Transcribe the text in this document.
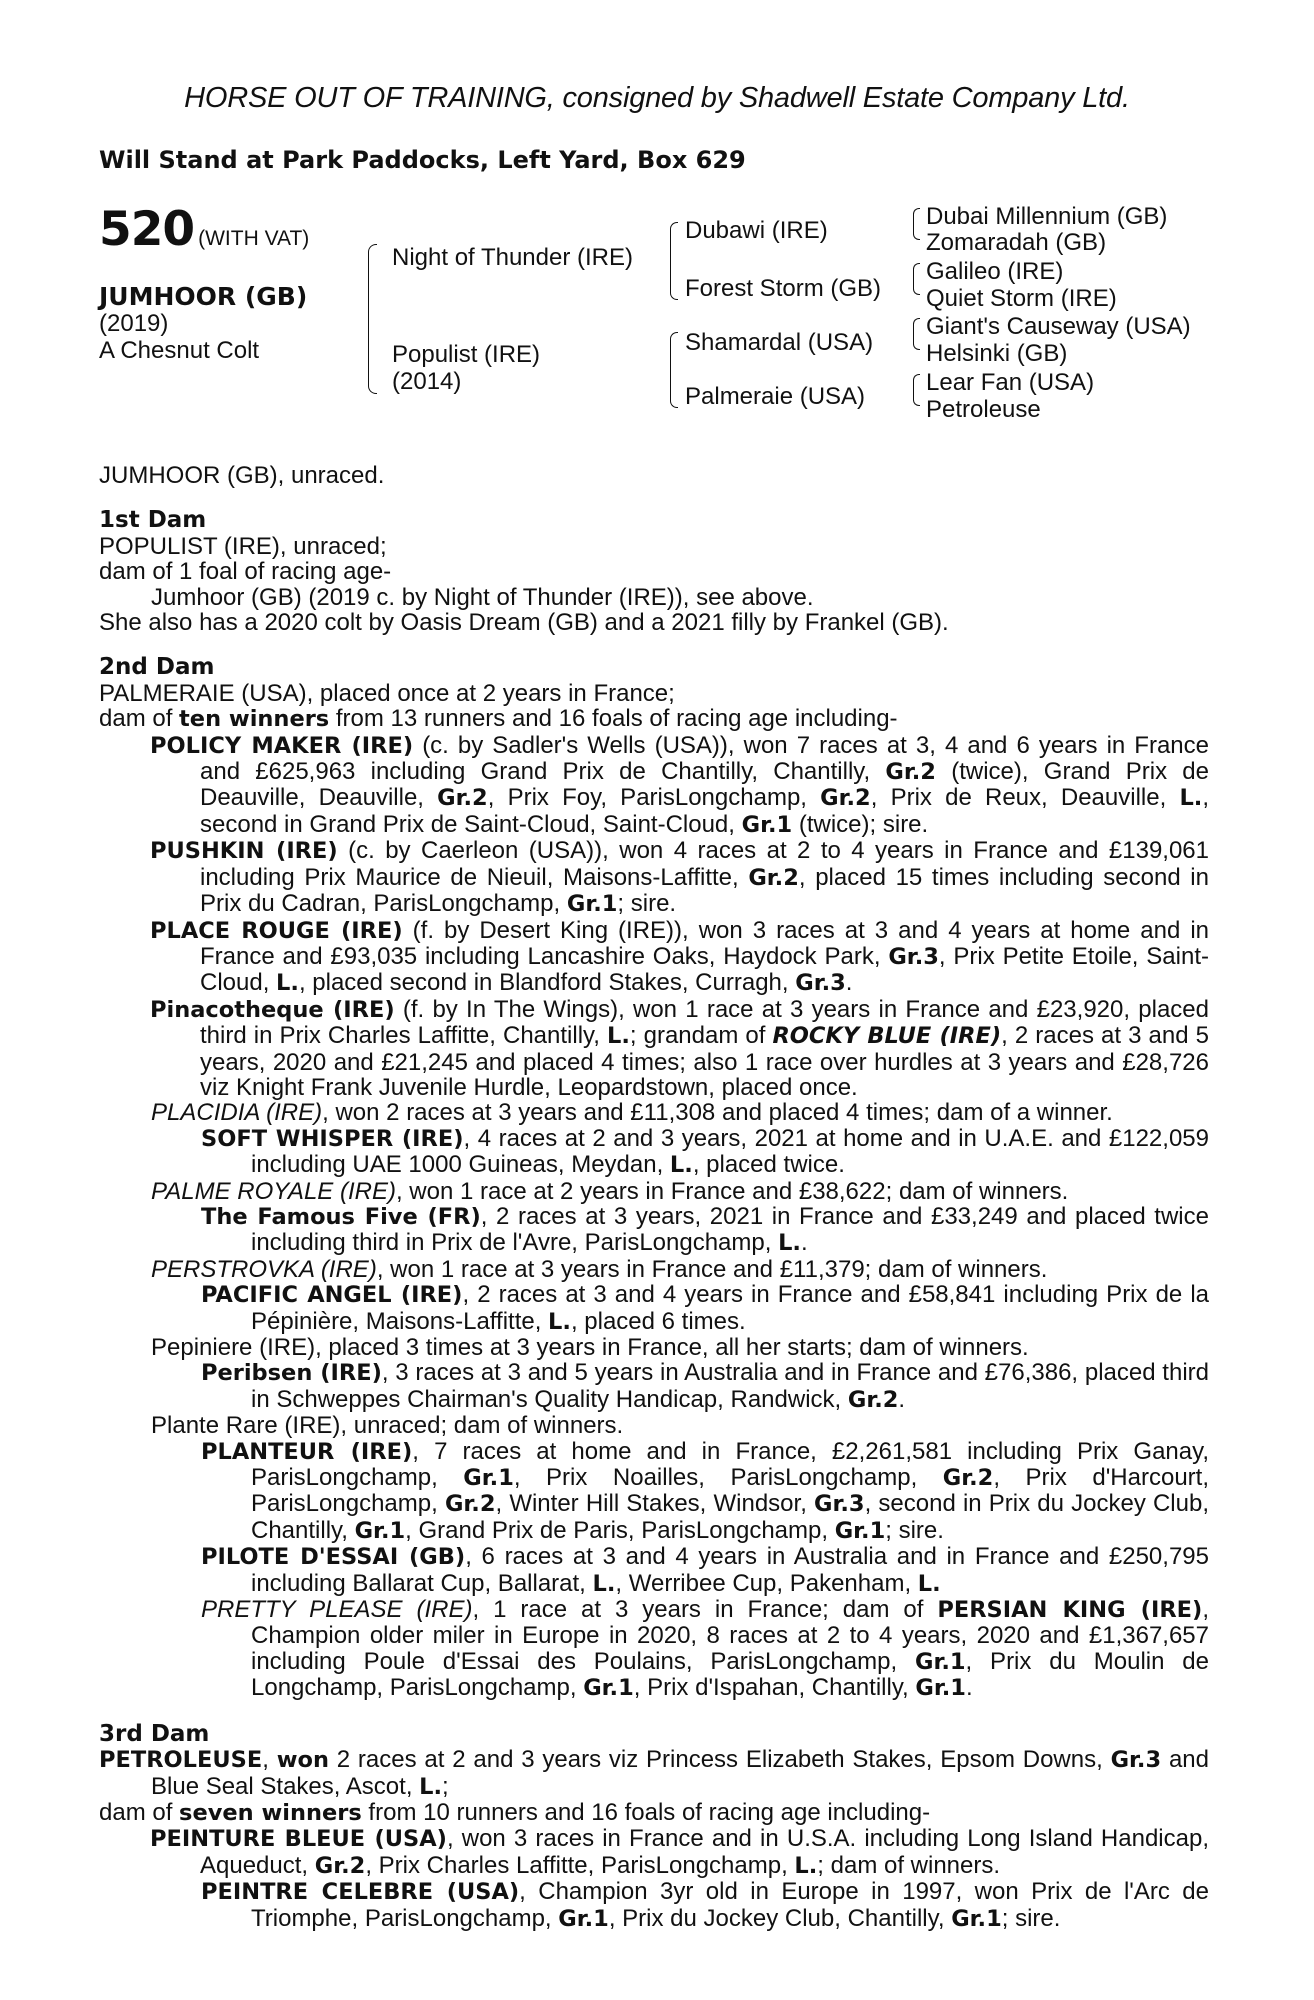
HORSE OUT OF TRAINING, consigned by Shadwell Estate Company Ltd.
Will Stand at Park Paddocks, Left Yard, Box 629
520 (WITH VAT)
JUMHOOR (GB)
(2019)
A Chesnut Colt
Night of Thunder (IRE)
Populist (IRE)
(2014)
Dubawi (IRE)
Forest Storm (GB)
Shamardal (USA)
Palmeraie (USA)
Dubai Millennium (GB)
Zomaradah (GB)
Galileo (IRE)
Quiet Storm (IRE)
Giant's Causeway (USA)
Helsinki (GB)
Lear Fan (USA)
Petroleuse

JUMHOOR (GB), unraced.

1st Dam

POPULIST (IRE), unraced;

dam of 1 foal of racing age-

Jumhoor (GB) (2019 c. by Night of Thunder (IRE)), see above.

She also has a 2020 colt by Oasis Dream (GB) and a 2021 filly by Frankel (GB).

2nd Dam

PALMERAIE (USA), placed once at 2 years in France;

dam of ten winners from 13 runners and 16 foals of racing age including-

POLICY MAKER (IRE) (c. by Sadler's Wells (USA)), won 7 races at 3, 4 and 6 years in France and £625,963 including Grand Prix de Chantilly, Chantilly, Gr.2 (twice), Grand Prix de Deauville, Deauville, Gr.2, Prix Foy, ParisLongchamp, Gr.2, Prix de Reux, Deauville, L., second in Grand Prix de Saint-Cloud, Saint-Cloud, Gr.1 (twice); sire.

PUSHKIN (IRE) (c. by Caerleon (USA)), won 4 races at 2 to 4 years in France and £139,061 including Prix Maurice de Nieuil, Maisons-Laffitte, Gr.2, placed 15 times including second in Prix du Cadran, ParisLongchamp, Gr.1; sire.

PLACE ROUGE (IRE) (f. by Desert King (IRE)), won 3 races at 3 and 4 years at home and in France and £93,035 including Lancashire Oaks, Haydock Park, Gr.3, Prix Petite Etoile, Saint-Cloud, L., placed second in Blandford Stakes, Curragh, Gr.3.

Pinacotheque (IRE) (f. by In The Wings), won 1 race at 3 years in France and £23,920, placed third in Prix Charles Laffitte, Chantilly, L.; grandam of ROCKY BLUE (IRE), 2 races at 3 and 5 years, 2020 and £21,245 and placed 4 times; also 1 race over hurdles at 3 years and £28,726 viz Knight Frank Juvenile Hurdle, Leopardstown, placed once.

PLACIDIA (IRE), won 2 races at 3 years and £11,308 and placed 4 times; dam of a winner.

SOFT WHISPER (IRE), 4 races at 2 and 3 years, 2021 at home and in U.A.E. and £122,059 including UAE 1000 Guineas, Meydan, L., placed twice.

PALME ROYALE (IRE), won 1 race at 2 years in France and £38,622; dam of winners.

The Famous Five (FR), 2 races at 3 years, 2021 in France and £33,249 and placed twice including third in Prix de l'Avre, ParisLongchamp, L..

PERSTROVKA (IRE), won 1 race at 3 years in France and £11,379; dam of winners.

PACIFIC ANGEL (IRE), 2 races at 3 and 4 years in France and £58,841 including Prix de la Pépinière, Maisons-Laffitte, L., placed 6 times.

Pepiniere (IRE), placed 3 times at 3 years in France, all her starts; dam of winners.

Peribsen (IRE), 3 races at 3 and 5 years in Australia and in France and £76,386, placed third in Schweppes Chairman's Quality Handicap, Randwick, Gr.2.

Plante Rare (IRE), unraced; dam of winners.

PLANTEUR (IRE), 7 races at home and in France, £2,261,581 including Prix Ganay, ParisLongchamp, Gr.1, Prix Noailles, ParisLongchamp, Gr.2, Prix d'Harcourt, ParisLongchamp, Gr.2, Winter Hill Stakes, Windsor, Gr.3, second in Prix du Jockey Club, Chantilly, Gr.1, Grand Prix de Paris, ParisLongchamp, Gr.1; sire.

PILOTE D'ESSAI (GB), 6 races at 3 and 4 years in Australia and in France and £250,795 including Ballarat Cup, Ballarat, L., Werribee Cup, Pakenham, L.

PRETTY PLEASE (IRE), 1 race at 3 years in France; dam of PERSIAN KING (IRE), Champion older miler in Europe in 2020, 8 races at 2 to 4 years, 2020 and £1,367,657 including Poule d'Essai des Poulains, ParisLongchamp, Gr.1, Prix du Moulin de Longchamp, ParisLongchamp, Gr.1, Prix d'Ispahan, Chantilly, Gr.1.

3rd Dam

PETROLEUSE, won 2 races at 2 and 3 years viz Princess Elizabeth Stakes, Epsom Downs, Gr.3 and Blue Seal Stakes, Ascot, L.;

dam of seven winners from 10 runners and 16 foals of racing age including-

PEINTURE BLEUE (USA), won 3 races in France and in U.S.A. including Long Island Handicap, Aqueduct, Gr.2, Prix Charles Laffitte, ParisLongchamp, L.; dam of winners.

PEINTRE CELEBRE (USA), Champion 3yr old in Europe in 1997, won Prix de l'Arc de Triomphe, ParisLongchamp, Gr.1, Prix du Jockey Club, Chantilly, Gr.1; sire.
